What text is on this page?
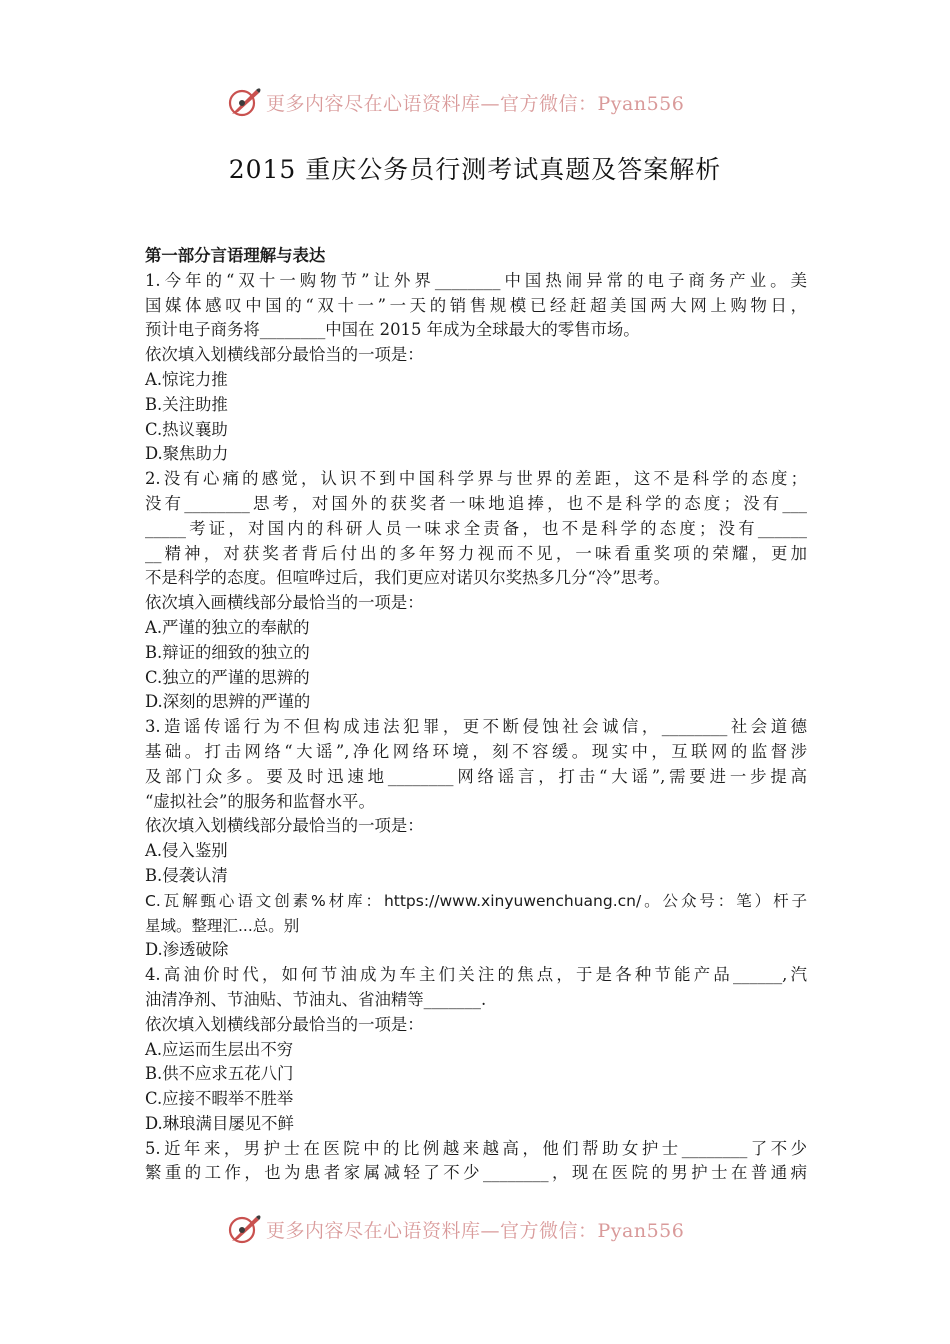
更多内容尽在心语资料库—官方微信：Pyan556
2015 重庆公务员行测考试真题及答案解析
第一部分言语理解与表达
1.今年的“双十一购物节”让外界________中国热闹异常的电子商务产业。美
国媒体感叹中国的“双十一”一天的销售规模已经赶超美国两大网上购物日，
预计电子商务将________中国在 2015 年成为全球最大的零售市场。
依次填入划横线部分最恰当的一项是：
A.惊诧力推
B.关注助推
C.热议襄助
D.聚焦助力
2.没有心痛的感觉，认识不到中国科学界与世界的差距，这不是科学的态度；
没有________思考，对国外的获奖者一味地追捧，也不是科学的态度；没有___
_____考证，对国内的科研人员一味求全责备，也不是科学的态度；没有______
__精神，对获奖者背后付出的多年努力视而不见，一味看重奖项的荣耀，更加
不是科学的态度。但喧哗过后，我们更应对诺贝尔奖热多几分“冷”思考。
依次填入画横线部分最恰当的一项是：
A.严谨的独立的奉献的
B.辩证的细致的独立的
C.独立的严谨的思辨的
D.深刻的思辨的严谨的
3.造谣传谣行为不但构成违法犯罪，更不断侵蚀社会诚信，________社会道德
基础。打击网络“大谣”,净化网络环境，刻不容缓。现实中，互联网的监督涉
及部门众多。要及时迅速地________网络谣言，打击“大谣”,需要进一步提高
“虚拟社会”的服务和监督水平。
依次填入划横线部分最恰当的一项是：
A.侵入鉴别
B.侵袭认清
C.瓦解甄心语文创素%材库：https://www.xinyuwenchuang.cn/。公众号：笔）杆子
星域。整理汇...总。别
D.渗透破除
4.高油价时代，如何节油成为车主们关注的焦点，于是各种节能产品______,汽
油清净剂、节油贴、节油丸、省油精等_______.
依次填入划横线部分最恰当的一项是：
A.应运而生层出不穷
B.供不应求五花八门
C.应接不暇举不胜举
D.琳琅满目屡见不鲜
5.近年来，男护士在医院中的比例越来越高，他们帮助女护士________了不少
繁重的工作，也为患者家属减轻了不少________，现在医院的男护士在普通病
更多内容尽在心语资料库—官方微信：Pyan556
